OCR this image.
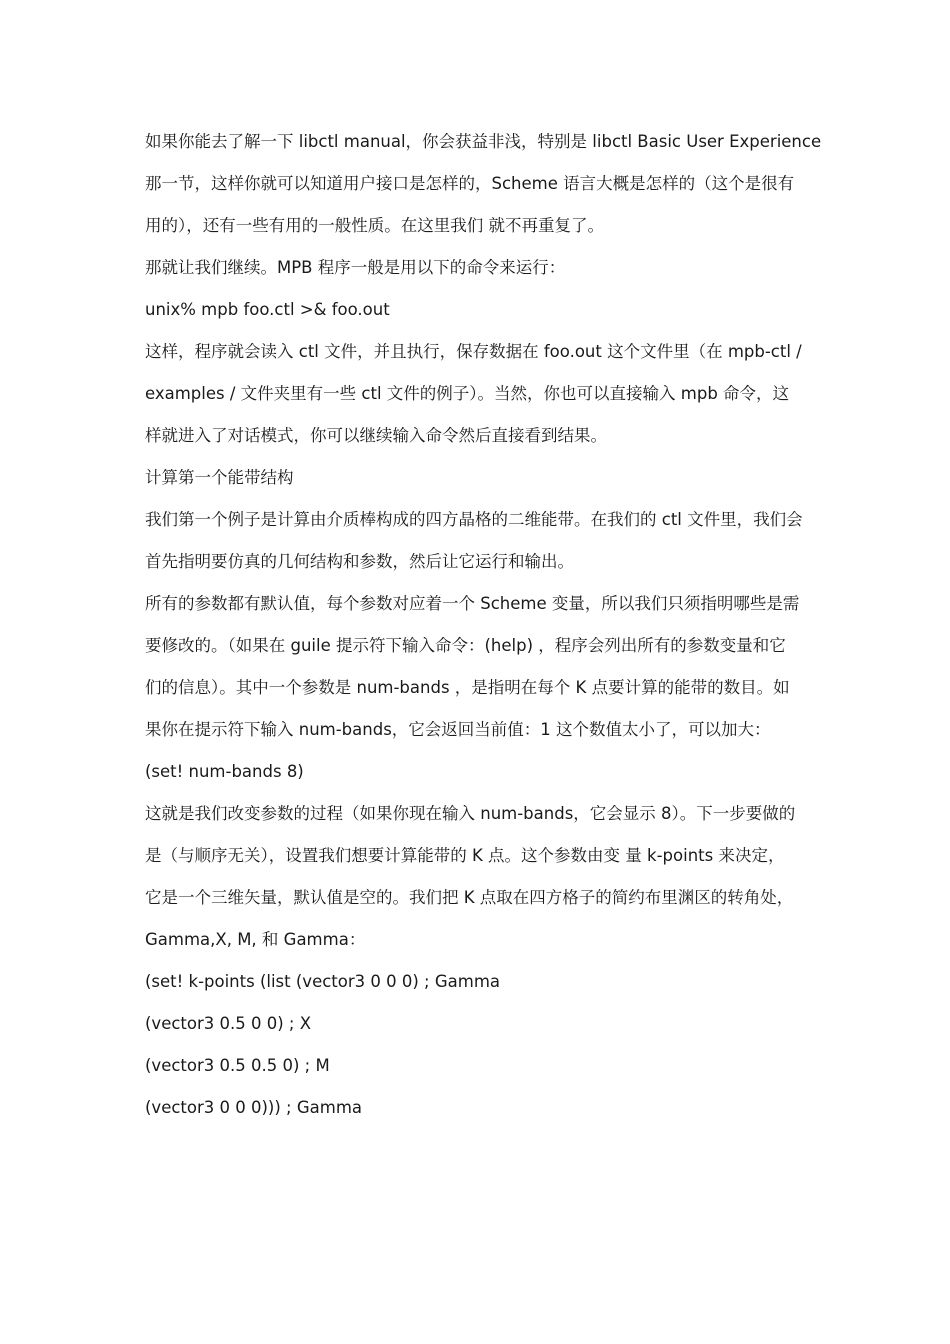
如果你能去了解一下 libctl manual，你会获益非浅，特别是 libctl Basic User Experience
那一节，这样你就可以知道用户接口是怎样的，Scheme 语言大概是怎样的（这个是很有
用的），还有一些有用的一般性质。在这里我们 就不再重复了。
那就让我们继续。MPB 程序一般是用以下的命令来运行：
unix% mpb foo.ctl >& foo.out
这样，程序就会读入 ctl 文件，并且执行，保存数据在 foo.out 这个文件里（在 mpb-ctl /
examples / 文件夹里有一些 ctl 文件的例子）。当然，你也可以直接输入 mpb 命令，这
样就进入了对话模式，你可以继续输入命令然后直接看到结果。
计算第一个能带结构
我们第一个例子是计算由介质棒构成的四方晶格的二维能带。在我们的 ctl 文件里，我们会
首先指明要仿真的几何结构和参数，然后让它运行和输出。
所有的参数都有默认值，每个参数对应着一个 Scheme 变量，所以我们只须指明哪些是需
要修改的。（如果在 guile 提示符下输入命令：(help) ，程序会列出所有的参数变量和它
们的信息）。其中一个参数是 num-bands ，是指明在每个 K 点要计算的能带的数目。如
果你在提示符下输入 num-bands，它会返回当前值：1 这个数值太小了，可以加大：
(set! num-bands 8)
这就是我们改变参数的过程（如果你现在输入 num-bands，它会显示 8）。下一步要做的
是（与顺序无关），设置我们想要计算能带的 K 点。这个参数由变 量 k-points 来决定，
它是一个三维矢量，默认值是空的。我们把 K 点取在四方格子的简约布里渊区的转角处，
Gamma,X, M, 和 Gamma：
(set! k-points (list (vector3 0 0 0) ; Gamma
(vector3 0.5 0 0) ; X
(vector3 0.5 0.5 0) ; M
(vector3 0 0 0))) ; Gamma
